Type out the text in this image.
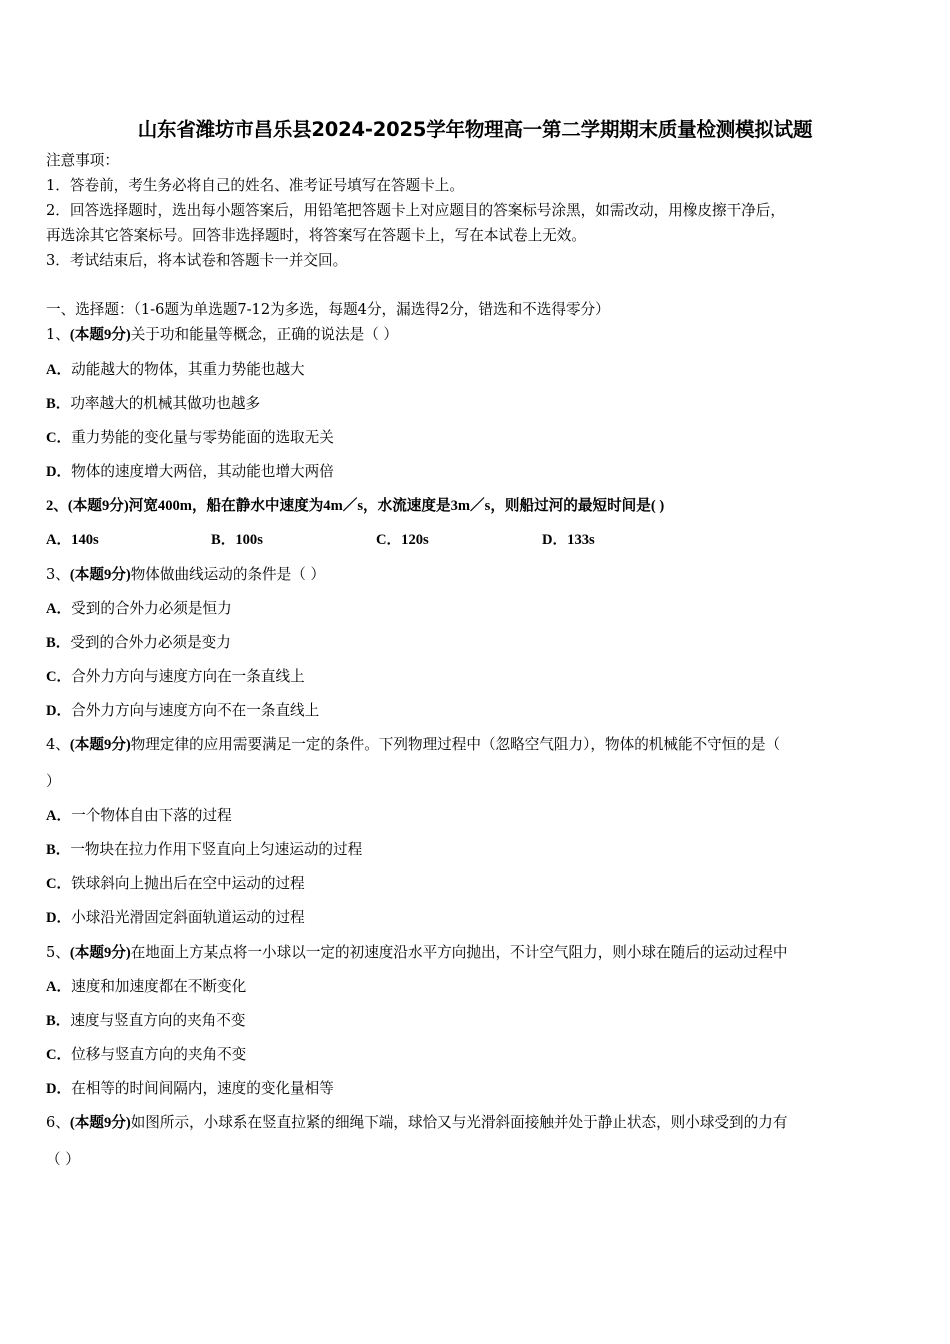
山东省潍坊市昌乐县2024-2025学年物理高一第二学期期末质量检测模拟试题
注意事项：
1．答卷前，考生务必将自己的姓名、准考证号填写在答题卡上。
2．回答选择题时，选出每小题答案后，用铅笔把答题卡上对应题目的答案标号涂黑，如需改动，用橡皮擦干净后，
再选涂其它答案标号。回答非选择题时，将答案写在答题卡上，写在本试卷上无效。
3．考试结束后，将本试卷和答题卡一并交回。
一、选择题：（1-6题为单选题7-12为多选，每题4分，漏选得2分，错选和不选得零分）
1、(本题9分)关于功和能量等概念，正确的说法是（ ）
A．动能越大的物体，其重力势能也越大
B．功率越大的机械其做功也越多
C．重力势能的变化量与零势能面的选取无关
D．物体的速度增大两倍，其动能也增大两倍
2、(本题9分)河宽400m，船在静水中速度为4m／s，水流速度是3m／s，则船过河的最短时间是( )
A．140s	B．100s	C．120s	D．133s
3、(本题9分)物体做曲线运动的条件是（ ）
A．受到的合外力必须是恒力
B．受到的合外力必须是变力
C．合外力方向与速度方向在一条直线上
D．合外力方向与速度方向不在一条直线上
4、(本题9分)物理定律的应用需要满足一定的条件。下列物理过程中（忽略空气阻力），物体的机械能不守恒的是（
）
A．一个物体自由下落的过程
B．一物块在拉力作用下竖直向上匀速运动的过程
C．铁球斜向上抛出后在空中运动的过程
D．小球沿光滑固定斜面轨道运动的过程
5、(本题9分)在地面上方某点将一小球以一定的初速度沿水平方向抛出，不计空气阻力，则小球在随后的运动过程中
A．速度和加速度都在不断变化
B．速度与竖直方向的夹角不变
C．位移与竖直方向的夹角不变
D．在相等的时间间隔内，速度的变化量相等
6、(本题9分)如图所示，小球系在竖直拉紧的细绳下端，球恰又与光滑斜面接触并处于静止状态，则小球受到的力有
（ ）
